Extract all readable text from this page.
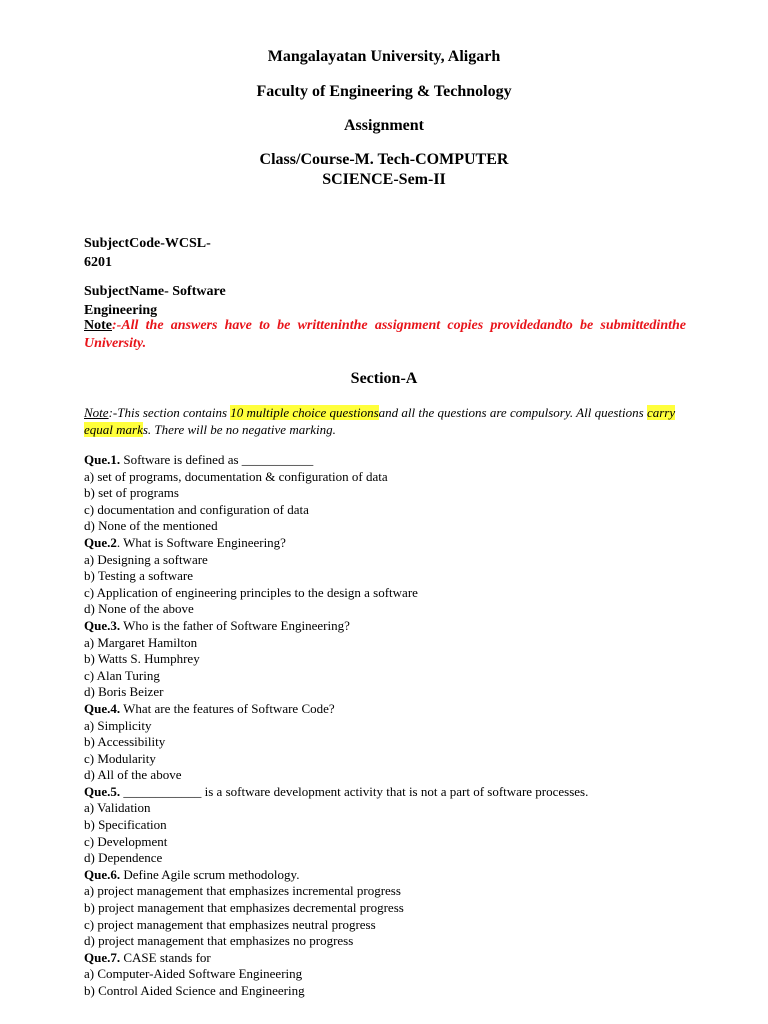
Mangalayatan University, Aligarh
Faculty of Engineering & Technology
Assignment
Class/Course-M. Tech-COMPUTER
SCIENCE-Sem-II
SubjectCode-WCSL-
6201
SubjectName- Software
Engineering
Note:-All the answers have to be writteninthe assignment copies providedandto be submittedinthe University.
Section-A
Note:-This section contains 10 multiple choice questionsand all the questions are compulsory. All questions carry equal marks. There will be no negative marking.
Que.1. Software is defined as ___________
a) set of programs, documentation & configuration of data
b) set of programs
c) documentation and configuration of data
d) None of the mentioned
Que.2. What is Software Engineering?
a) Designing a software
b) Testing a software
c) Application of engineering principles to the design a software
d) None of the above
Que.3. Who is the father of Software Engineering?
a) Margaret Hamilton
b) Watts S. Humphrey
c) Alan Turing
d) Boris Beizer
Que.4. What are the features of Software Code?
a) Simplicity
b) Accessibility
c) Modularity
d) All of the above
Que.5. ____________ is a software development activity that is not a part of software processes.
a) Validation
b) Specification
c) Development
d) Dependence
Que.6. Define Agile scrum methodology.
a) project management that emphasizes incremental progress
b) project management that emphasizes decremental progress
c) project management that emphasizes neutral progress
d) project management that emphasizes no progress
Que.7. CASE stands for
a) Computer-Aided Software Engineering
b) Control Aided Science and Engineering
